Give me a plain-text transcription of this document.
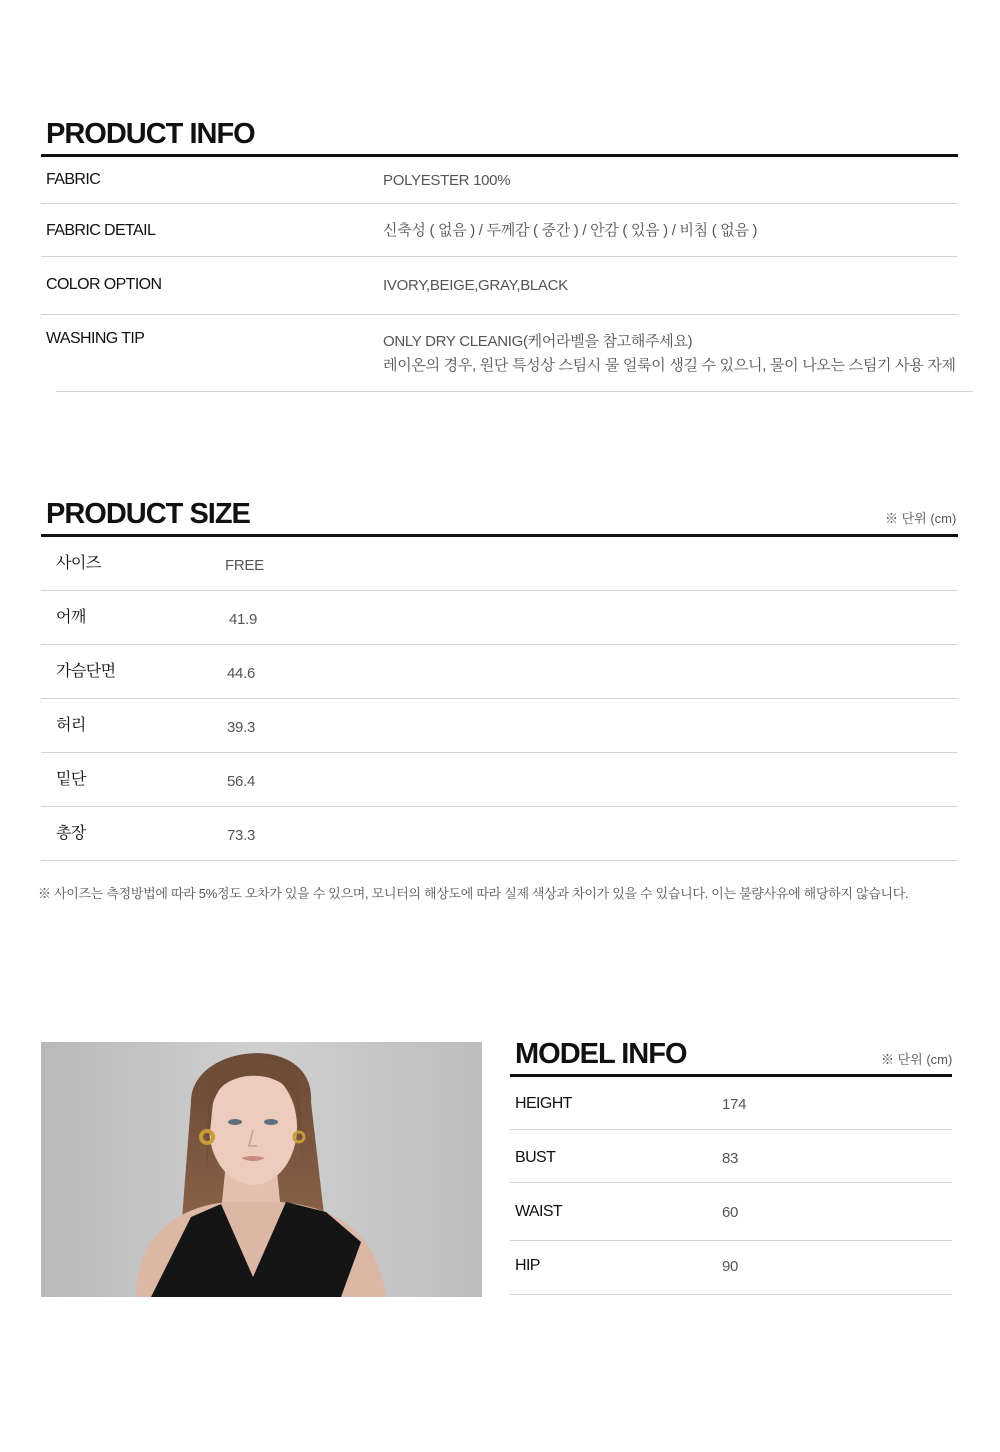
PRODUCT INFO
FABRIC	POLYESTER 100%
FABRIC DETAIL	신축성 ( 없음 ) / 두께감 ( 중간 ) / 안감 ( 있음 ) / 비침 ( 없음 )
COLOR OPTION	IVORY,BEIGE,GRAY,BLACK
WASHING TIP	ONLY DRY CLEANIG(케어라벨을 참고해주세요)
레이온의 경우, 원단 특성상 스팀시 물 얼룩이 생길 수 있으니, 물이 나오는 스팀기 사용 자제
PRODUCT SIZE	※ 단위 (cm)
사이즈	FREE
어깨	41.9
가슴단면	44.6
허리	39.3
밑단	56.4
총장	73.3
※ 사이즈는 측정방법에 따라 5%정도 오차가 있을 수 있으며, 모니터의 해상도에 따라 실제 색상과 차이가 있을 수 있습니다. 이는 불량사유에 해당하지 않습니다.
MODEL INFO	※ 단위 (cm)
HEIGHT	174
BUST	83
WAIST	60
HIP	90
